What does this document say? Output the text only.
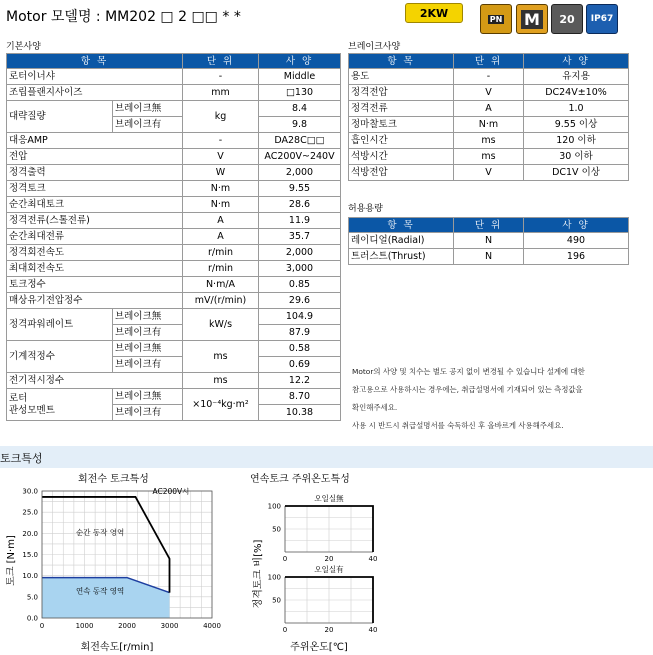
Motor 모델명 : MM202 □ 2 □□ * *	2KW	PN M 20 IP67
기본사양
항 목		단 위	사 양
로터이너샤		-	Middle
조립플랜지사이즈		mm	□130
대략질량	브레이크無	kg	8.4
	브레이크有		9.8
대응AMP		-	DA28C□□
전압		V	AC200V~240V
정격출력		W	2,000
정격토크		N·m	9.55
순간최대토크		N·m	28.6
정격전류(스톨전류)		A	11.9
순간최대전류		A	35.7
정격회전속도		r/min	2,000
최대회전속도		r/min	3,000
토크정수		N·m/A	0.85
매상유기전압정수		mV/(r/min)	29.6
정격파워레이트	브레이크無	kW/s	104.9
	브레이크有		87.9
기계적정수	브레이크無	ms	0.58
	브레이크有		0.69
전기적시정수		ms	12.2
로터
관성모멘트	브레이크無	×10⁻⁴kg·m²	8.70
	브레이크有		10.38
브레이크사양
항 목	단 위	사 양
용도	-	유지용
정격전압	V	DC24V±10%
정격전류	A	1.0
정마찰토크	N·m	9.55 이상
흡인시간	ms	120 이하
석방시간	ms	30 이하
석방전압	V	DC1V 이상
허용용량
항 목	단 위	사 양
레이디얼(Radial)	N	490
트러스트(Thrust)	N	196
Motor의 사양 및 치수는 별도 공지 없이 변경될 수 있습니다 설계에 대한
참고용으로 사용하시는 경우에는, 취급설명서에 기재되어 있는 측정값을
확인해주세요.
사용 시 반드시 취급설명서를 숙독하신 후 올바르게 사용해주세요.
토크특성
회전수 토크특성	연속토크 주위온도특성
0.0
5.0
10.0
15.0
20.0
25.0
30.0
0	1000	2000	3000	4000
AC200V시
순간 동작 영역
연속 동작 영역
회전속도[r/min]
토크 [N·m]
50
100
0	20	40
오일실無
50
100
0	20	40
오일실有
주위온도[℃]
정격토크 비[%]
